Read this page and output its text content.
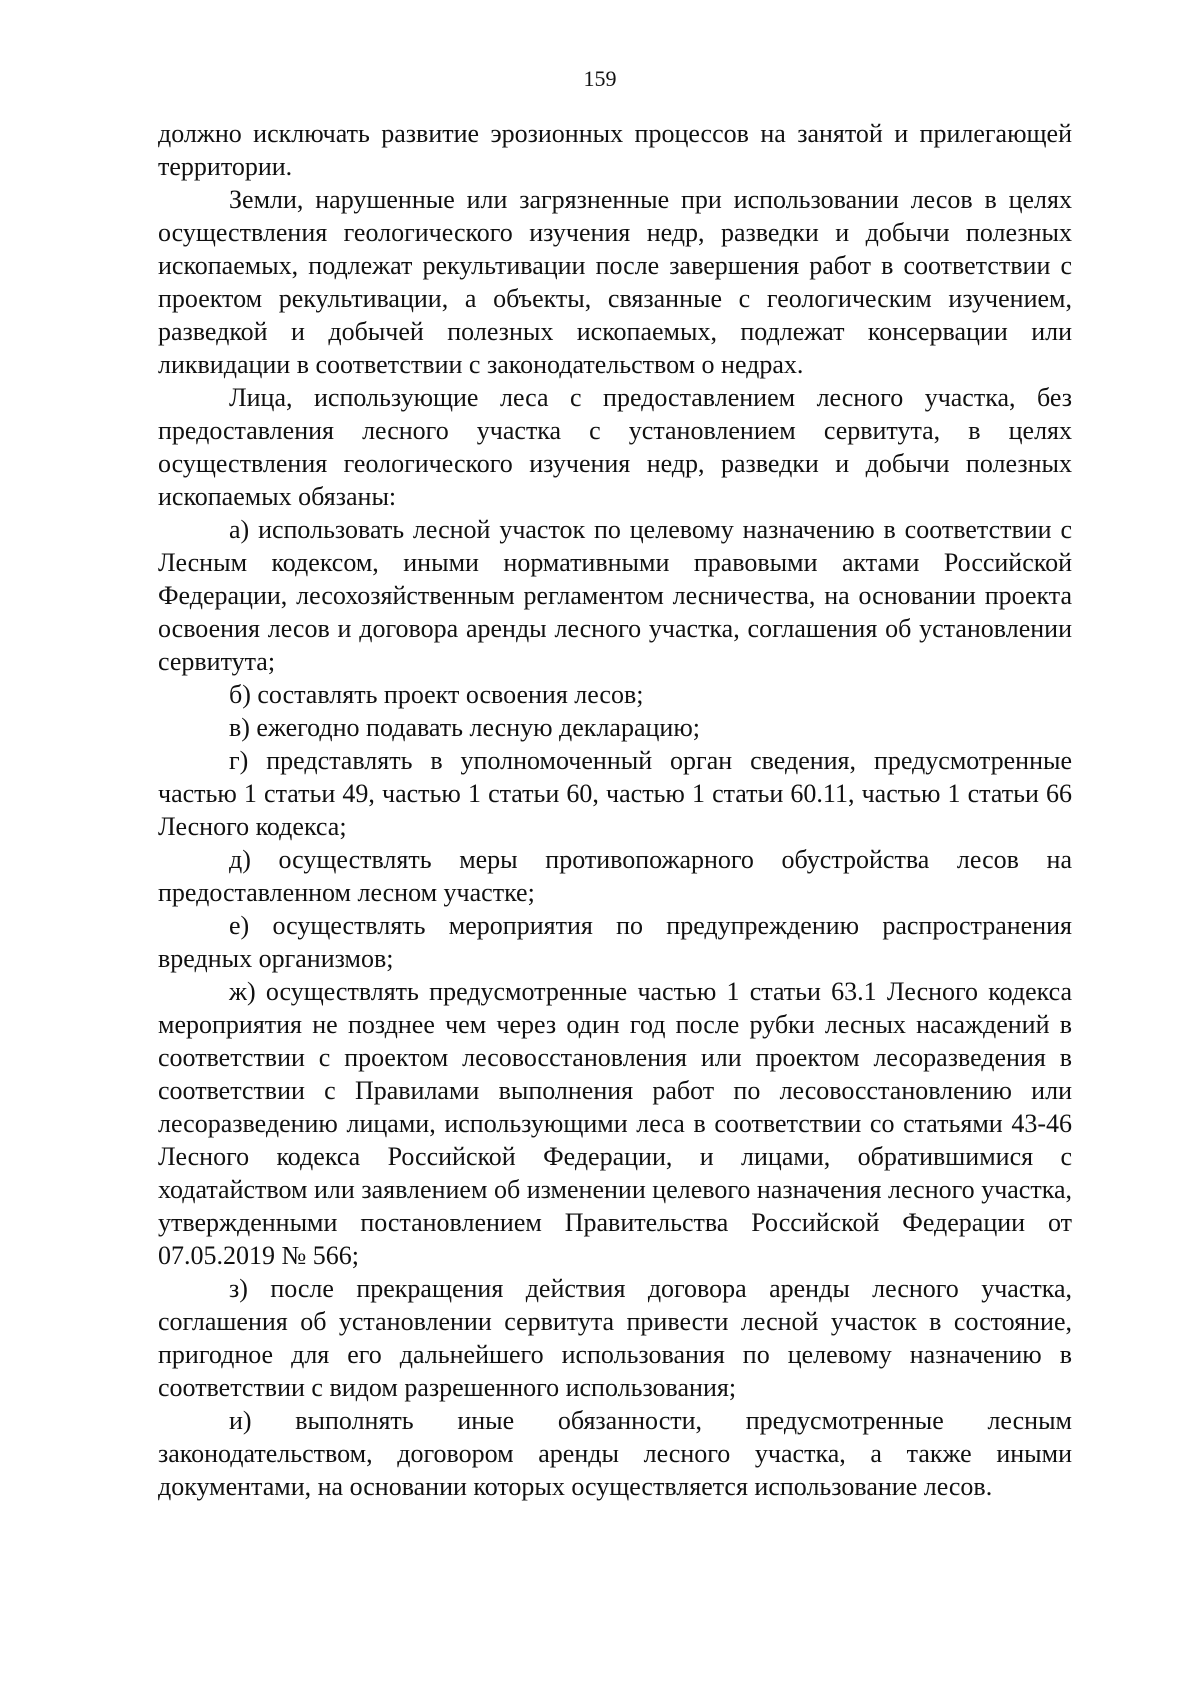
159

должно исключать развитие эрозионных процессов на занятой и прилегающей территории.

Земли, нарушенные или загрязненные при использовании лесов в целях осуществления геологического изучения недр, разведки и добычи полезных ископаемых, подлежат рекультивации после завершения работ в соответствии с проектом рекультивации, а объекты, связанные с геологическим изучением, разведкой и добычей полезных ископаемых, подлежат консервации или ликвидации в соответствии с законодательством о недрах.

Лица, использующие леса с предоставлением лесного участка, без предоставления лесного участка с установлением сервитута, в целях осуществления геологического изучения недр, разведки и добычи полезных ископаемых обязаны:

а) использовать лесной участок по целевому назначению в соответствии с Лесным кодексом, иными нормативными правовыми актами Российской Федерации, лесохозяйственным регламентом лесничества, на основании проекта освоения лесов и договора аренды лесного участка, соглашения об установлении сервитута;

б) составлять проект освоения лесов;

в) ежегодно подавать лесную декларацию;

г) представлять в уполномоченный орган сведения, предусмотренные частью 1 статьи 49, частью 1 статьи 60, частью 1 статьи 60.11, частью 1 статьи 66 Лесного кодекса;

д) осуществлять меры противопожарного обустройства лесов на предоставленном лесном участке;

е) осуществлять мероприятия по предупреждению распространения вредных организмов;

ж) осуществлять предусмотренные частью 1 статьи 63.1 Лесного кодекса мероприятия не позднее чем через один год после рубки лесных насаждений в соответствии с проектом лесовосстановления или проектом лесоразведения в соответствии с Правилами выполнения работ по лесовосстановлению или лесоразведению лицами, использующими леса в соответствии со статьями 43-46 Лесного кодекса Российской Федерации, и лицами, обратившимися с ходатайством или заявлением об изменении целевого назначения лесного участка, утвержденными постановлением Правительства Российской Федерации от 07.05.2019 № 566;

з) после прекращения действия договора аренды лесного участка, соглашения об установлении сервитута привести лесной участок в состояние, пригодное для его дальнейшего использования по целевому назначению в соответствии с видом разрешенного использования;

и) выполнять иные обязанности, предусмотренные лесным законодательством, договором аренды лесного участка, а также иными документами, на основании которых осуществляется использование лесов.
